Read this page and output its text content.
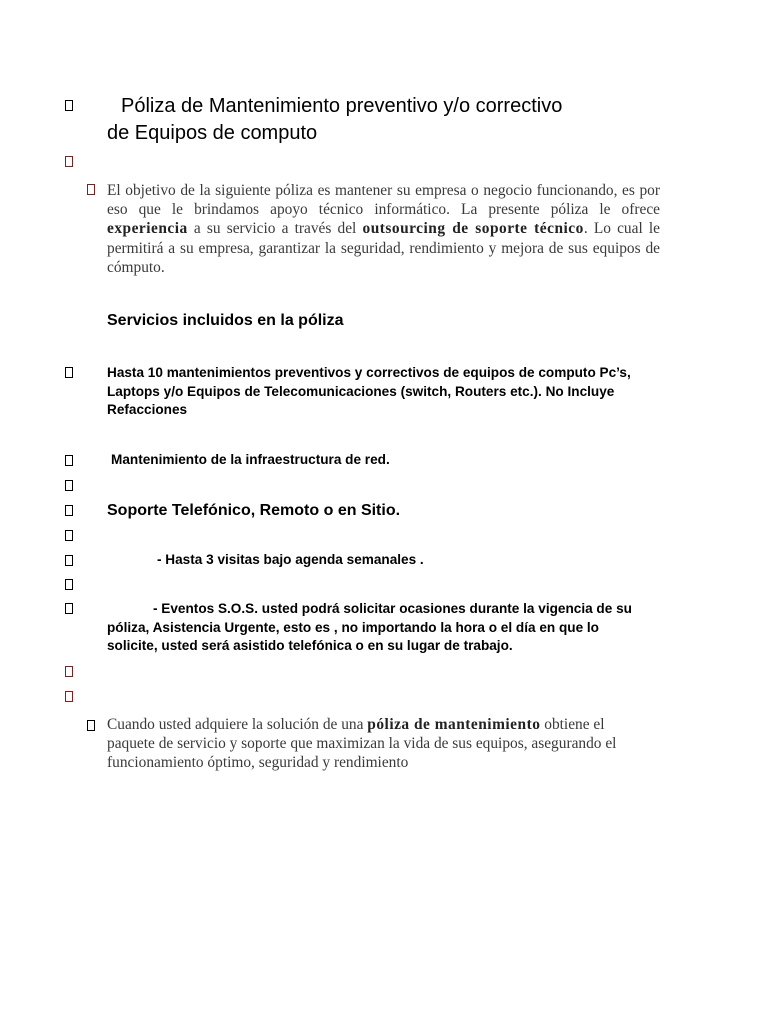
Póliza de Mantenimiento preventivo y/o correctivo
de Equipos de computo
El objetivo de la siguiente póliza es mantener su empresa o negocio funcionando, es por eso que le brindamos apoyo técnico informático. La presente póliza le ofrece experiencia a su servicio a través del outsourcing de soporte técnico. Lo cual le permitirá a su empresa, garantizar la seguridad, rendimiento y mejora de sus equipos de cómputo.
Servicios incluidos en la póliza
Hasta 10 mantenimientos preventivos y correctivos de equipos de computo Pc’s, Laptops y/o Equipos de Telecomunicaciones (switch, Routers etc.). No Incluye Refacciones
Mantenimiento de la infraestructura de red.
Soporte Telefónico, Remoto o en Sitio.
- Hasta 3 visitas bajo agenda semanales .
- Eventos S.O.S. usted podrá solicitar ocasiones durante la vigencia de su póliza, Asistencia Urgente, esto es , no importando la hora o el día en que lo solicite, usted será asistido telefónica o en su lugar de trabajo.
Cuando usted adquiere la solución de una póliza de mantenimiento obtiene el paquete de servicio y soporte que maximizan la vida de sus equipos, asegurando el funcionamiento óptimo, seguridad y rendimiento
